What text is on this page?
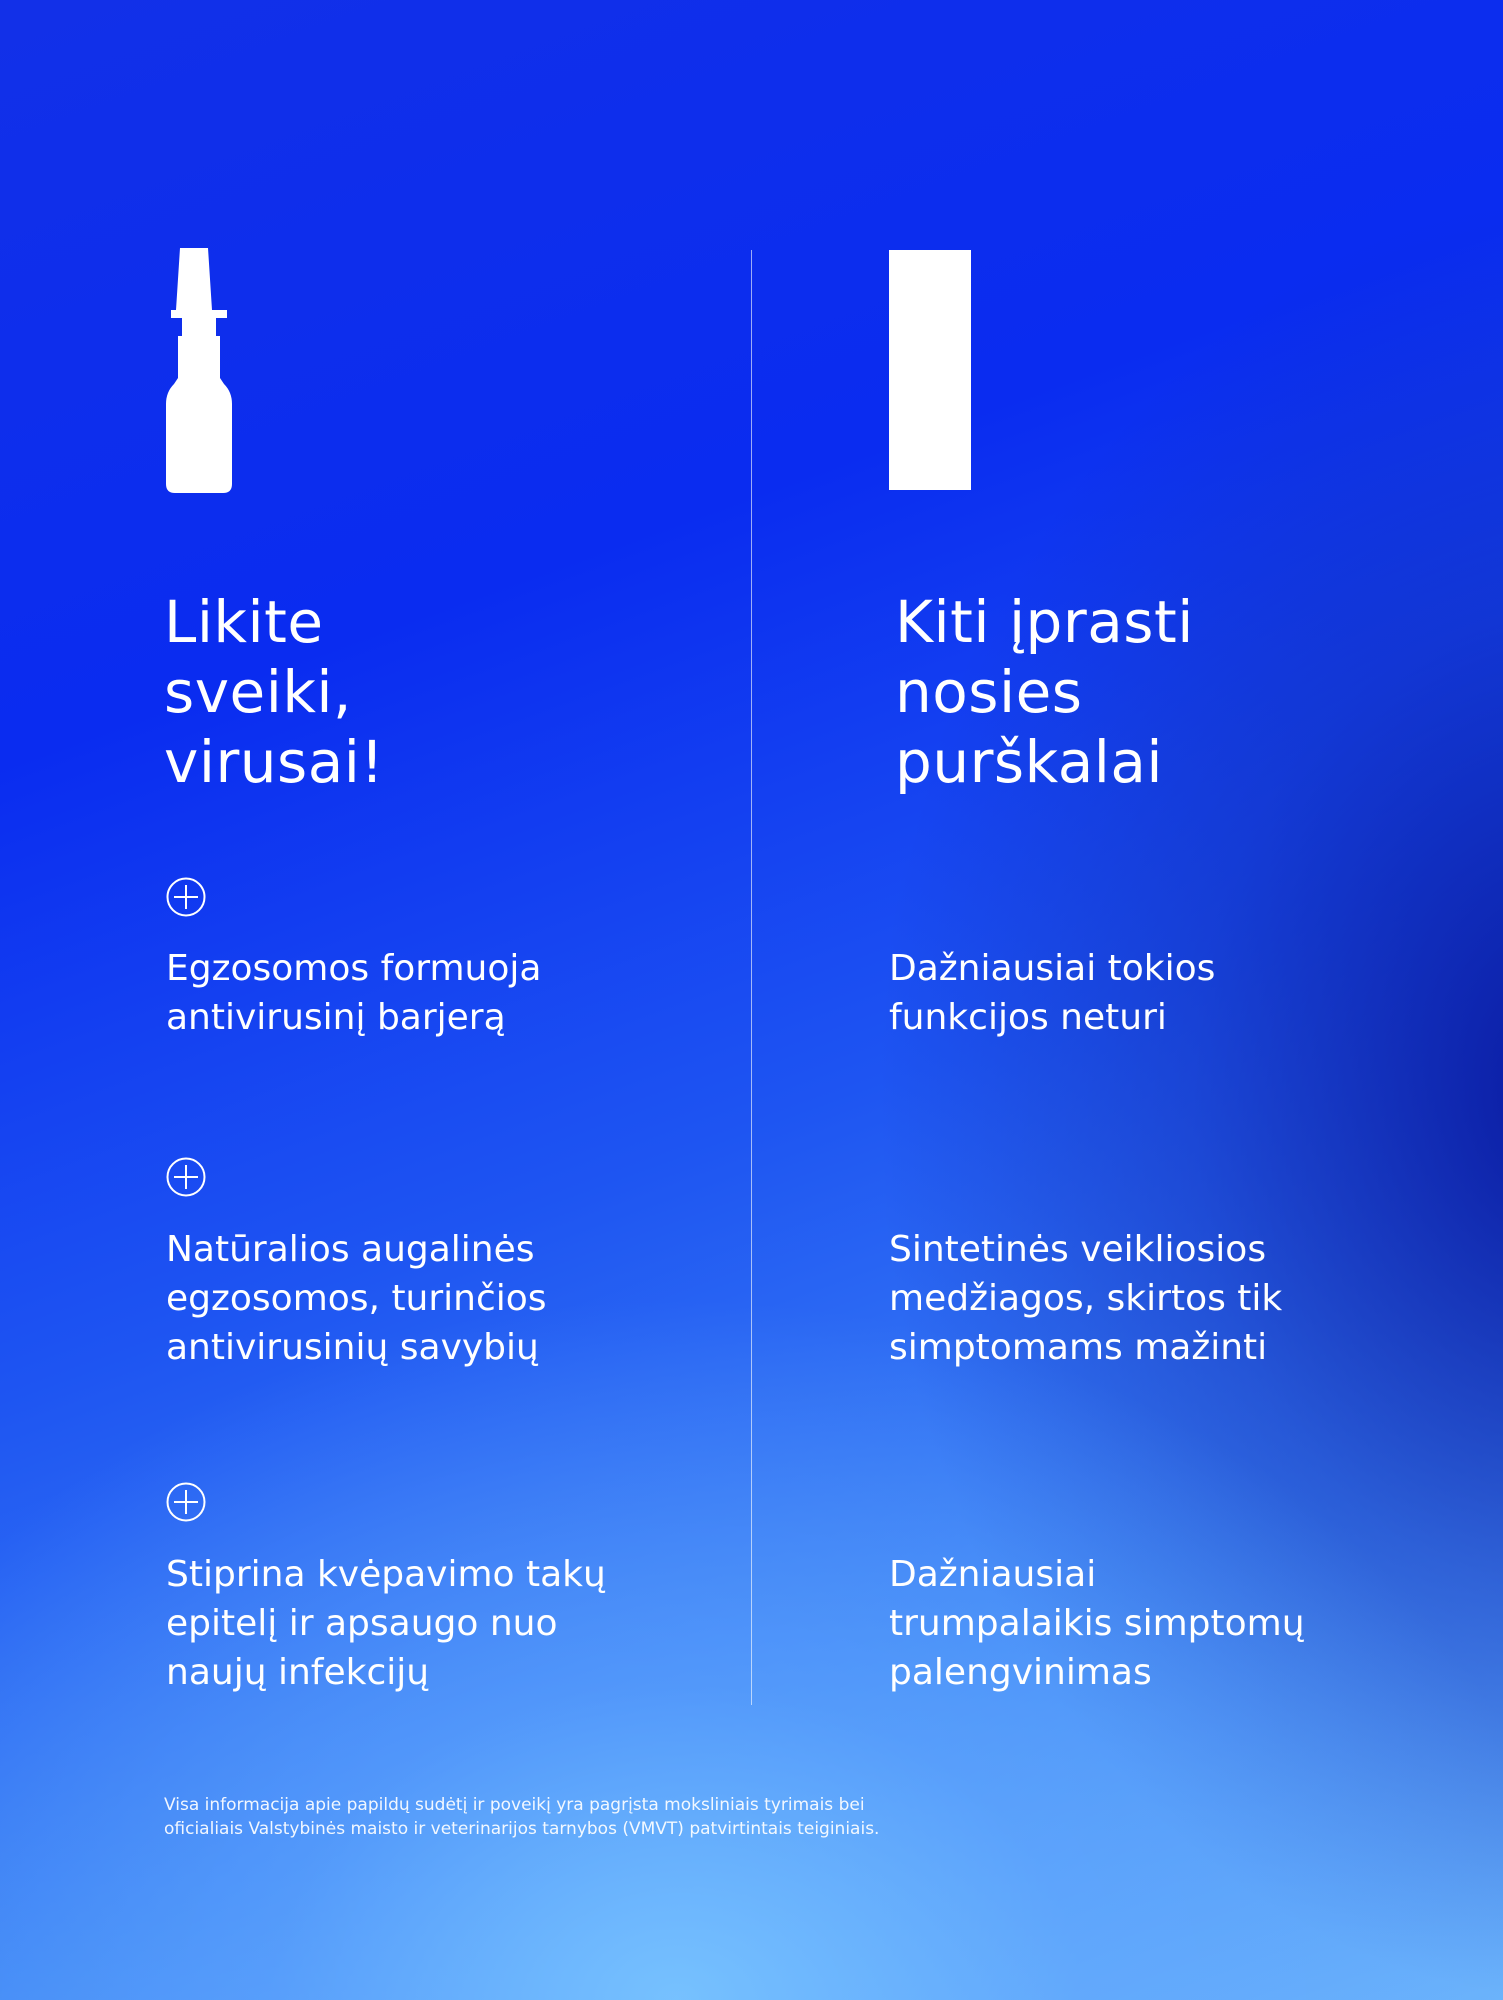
Likite
sveiki,
virusai!
Kiti įprasti
nosies
purškalai

Egzosomos formuoja
antivirusinį barjerą

Natūralios augalinės
egzosomos, turinčios
antivirusinių savybių

Stiprina kvėpavimo takų
epitelį ir apsaugo nuo
naujų infekcijų

Dažniausiai tokios
funkcijos neturi

Sintetinės veikliosios
medžiagos, skirtos tik
simptomams mažinti

Dažniausiai
trumpalaikis simptomų
palengvinimas

Visa informacija apie papildų sudėtį ir poveikį yra pagrįsta moksliniais tyrimais bei
oficialiais Valstybinės maisto ir veterinarijos tarnybos (VMVT) patvirtintais teiginiais.
